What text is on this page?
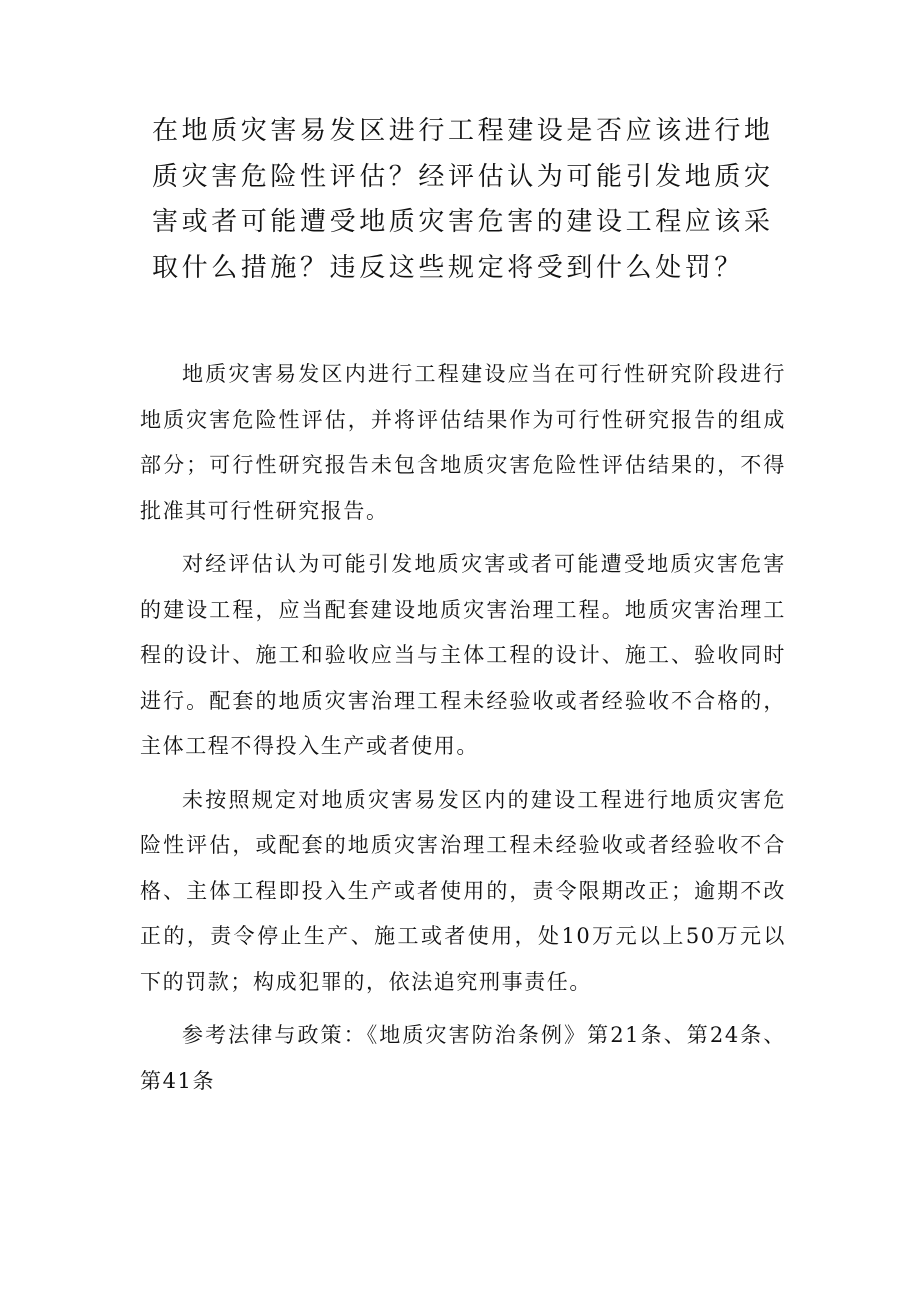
在地质灾害易发区进行工程建设是否应该进行地质灾害危险性评估？经评估认为可能引发地质灾害或者可能遭受地质灾害危害的建设工程应该采取什么措施？违反这些规定将受到什么处罚？

地质灾害易发区内进行工程建设应当在可行性研究阶段进行地质灾害危险性评估，并将评估结果作为可行性研究报告的组成部分；可行性研究报告未包含地质灾害危险性评估结果的，不得批准其可行性研究报告。

对经评估认为可能引发地质灾害或者可能遭受地质灾害危害的建设工程，应当配套建设地质灾害治理工程。地质灾害治理工程的设计、施工和验收应当与主体工程的设计、施工、验收同时进行。配套的地质灾害治理工程未经验收或者经验收不合格的，主体工程不得投入生产或者使用。

未按照规定对地质灾害易发区内的建设工程进行地质灾害危险性评估，或配套的地质灾害治理工程未经验收或者经验收不合格、主体工程即投入生产或者使用的，责令限期改正；逾期不改正的，责令停止生产、施工或者使用，处10万元以上50万元以下的罚款；构成犯罪的，依法追究刑事责任。

参考法律与政策：《地质灾害防治条例》第21条、第24条、第41条
